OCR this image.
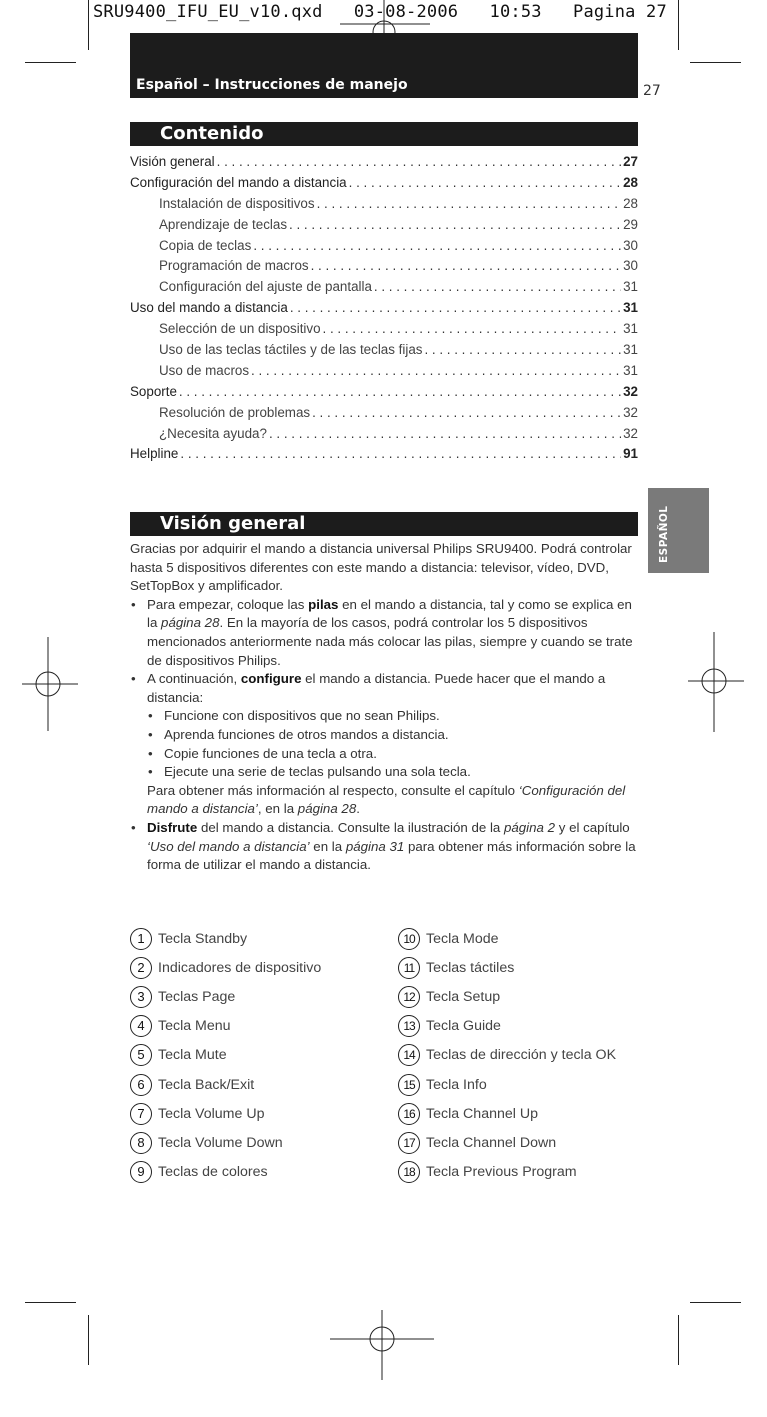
SRU9400_IFU_EU_v10.qxd   03-08-2006   10:53   Pagina 27
Español – Instrucciones de manejo	27
Contenido
Visión general . . .	27
Configuración del mando a distancia . . .	28
Instalación de dispositivos . . .	28
Aprendizaje de teclas . . .	29
Copia de teclas . . .	30
Programación de macros . . .	30
Configuración del ajuste de pantalla . . .	31
Uso del mando a distancia . . .	31
Selección de un dispositivo . . .	31
Uso de las teclas táctiles y de las teclas fijas . . .	31
Uso de macros . . .	31
Soporte . . .	32
Resolución de problemas . . .	32
¿Necesita ayuda? . . .	32
Helpline . . .	91
ESPAÑOL
Visión general

Gracias por adquirir el mando a distancia universal Philips SRU9400. Podrá controlar hasta 5 dispositivos diferentes con este mando a distancia: televisor, vídeo, DVD, SetTopBox y amplificador.

• Para empezar, coloque las pilas en el mando a distancia, tal y como se explica en la página 28. En la mayoría de los casos, podrá controlar los 5 dispositivos mencionados anteriormente nada más colocar las pilas, siempre y cuando se trate de dispositivos Philips.
• A continuación, configure el mando a distancia. Puede hacer que el mando a distancia:
• Funcione con dispositivos que no sean Philips.
• Aprenda funciones de otros mandos a distancia.
• Copie funciones de una tecla a otra.
• Ejecute una serie de teclas pulsando una sola tecla.
Para obtener más información al respecto, consulte el capítulo ‘Configuración del mando a distancia’, en la página 28.
• Disfrute del mando a distancia. Consulte la ilustración de la página 2 y el capítulo ‘Uso del mando a distancia’ en la página 31 para obtener más información sobre la forma de utilizar el mando a distancia.
1 Tecla Standby
2 Indicadores de dispositivo
3 Teclas Page
4 Tecla Menu
5 Tecla Mute
6 Tecla Back/Exit
7 Tecla Volume Up
8 Tecla Volume Down
9 Teclas de colores
10 Tecla Mode
11 Teclas táctiles
12 Tecla Setup
13 Tecla Guide
14 Teclas de dirección y tecla OK
15 Tecla Info
16 Tecla Channel Up
17 Tecla Channel Down
18 Tecla Previous Program
